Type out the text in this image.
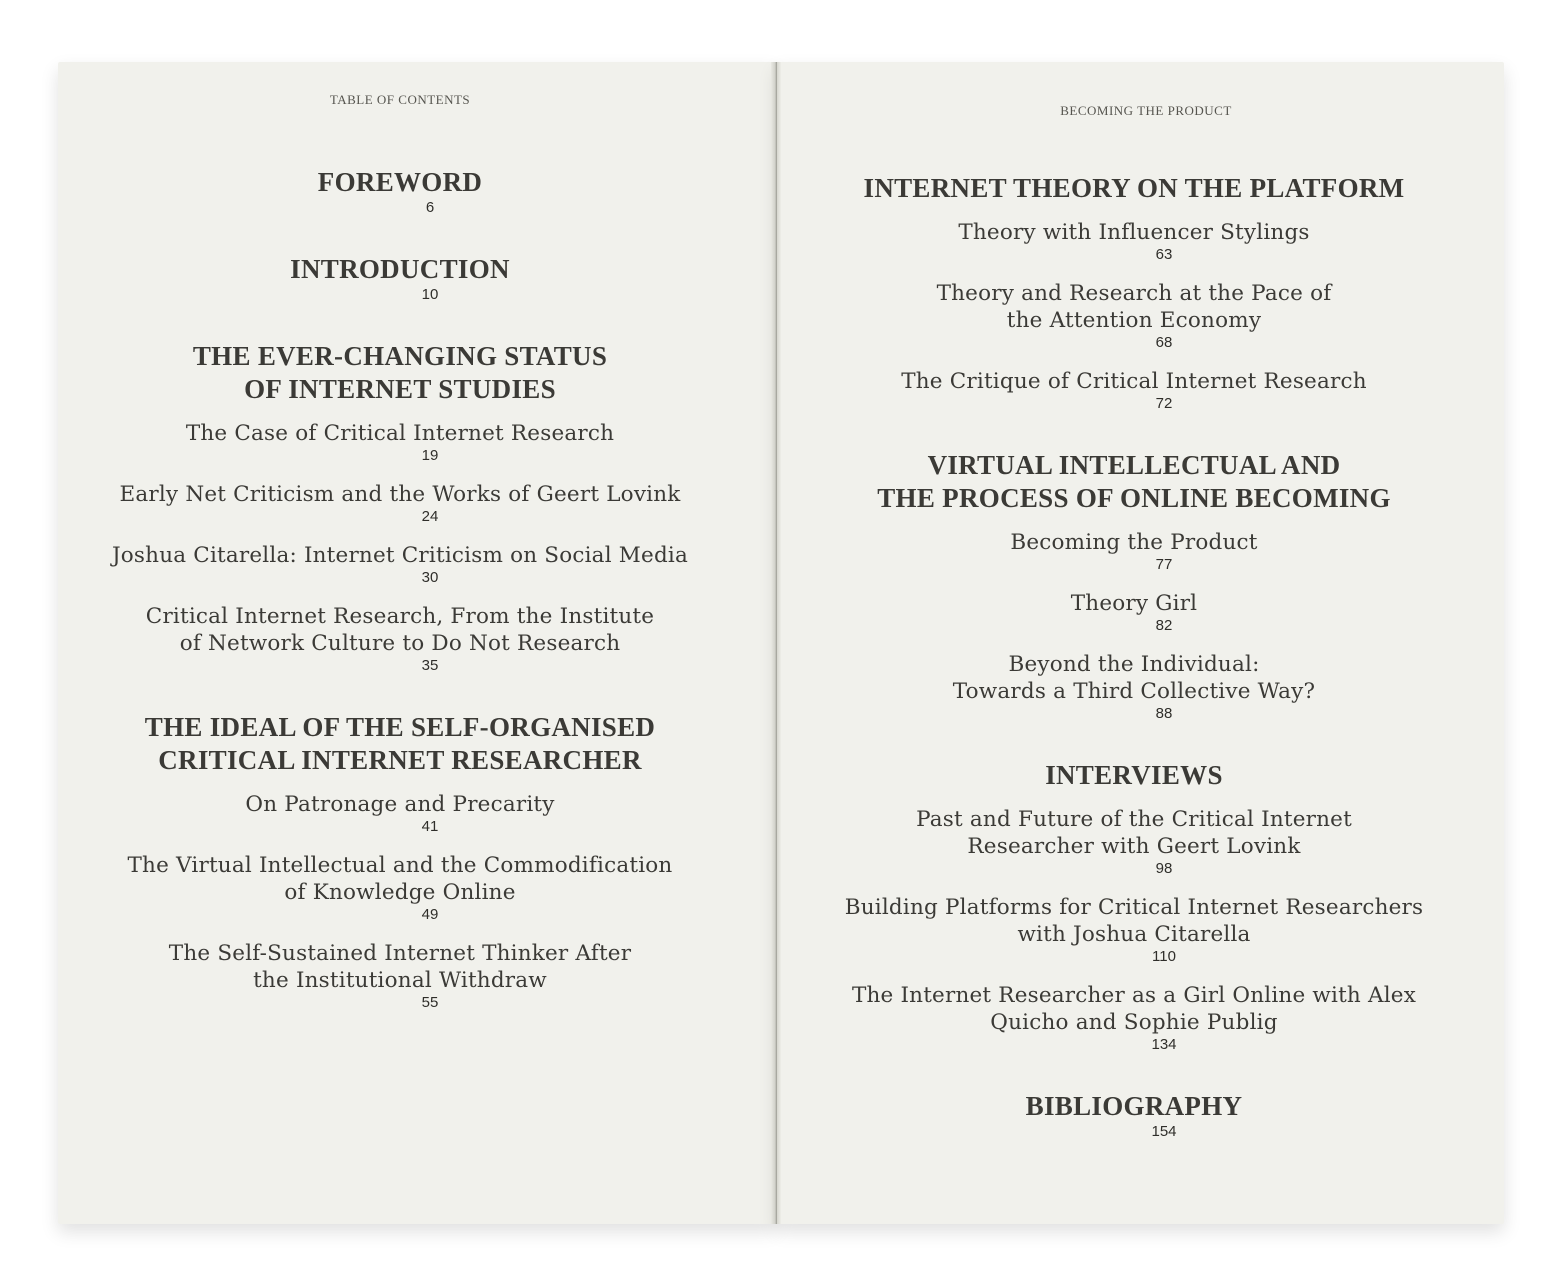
TABLE OF CONTENTS
FOREWORD
6
INTRODUCTION
10
THE EVER-CHANGING STATUS
OF INTERNET STUDIES
The Case of Critical Internet Research
19
Early Net Criticism and the Works of Geert Lovink
24
Joshua Citarella: Internet Criticism on Social Media
30
Critical Internet Research, From the Institute
of Network Culture to Do Not Research
35
THE IDEAL OF THE SELF-ORGANISED
CRITICAL INTERNET RESEARCHER
On Patronage and Precarity
41
The Virtual Intellectual and the Commodification
of Knowledge Online
49
The Self-Sustained Internet Thinker After
the Institutional Withdraw
55
BECOMING THE PRODUCT
INTERNET THEORY ON THE PLATFORM
Theory with Influencer Stylings
63
Theory and Research at the Pace of
the Attention Economy
68
The Critique of Critical Internet Research
72
VIRTUAL INTELLECTUAL AND
THE PROCESS OF ONLINE BECOMING
Becoming the Product
77
Theory Girl
82
Beyond the Individual:
Towards a Third Collective Way?
88
INTERVIEWS
Past and Future of the Critical Internet
Researcher with Geert Lovink
98
Building Platforms for Critical Internet Researchers
with Joshua Citarella
110
The Internet Researcher as a Girl Online with Alex
Quicho and Sophie Publig
134
BIBLIOGRAPHY
154
